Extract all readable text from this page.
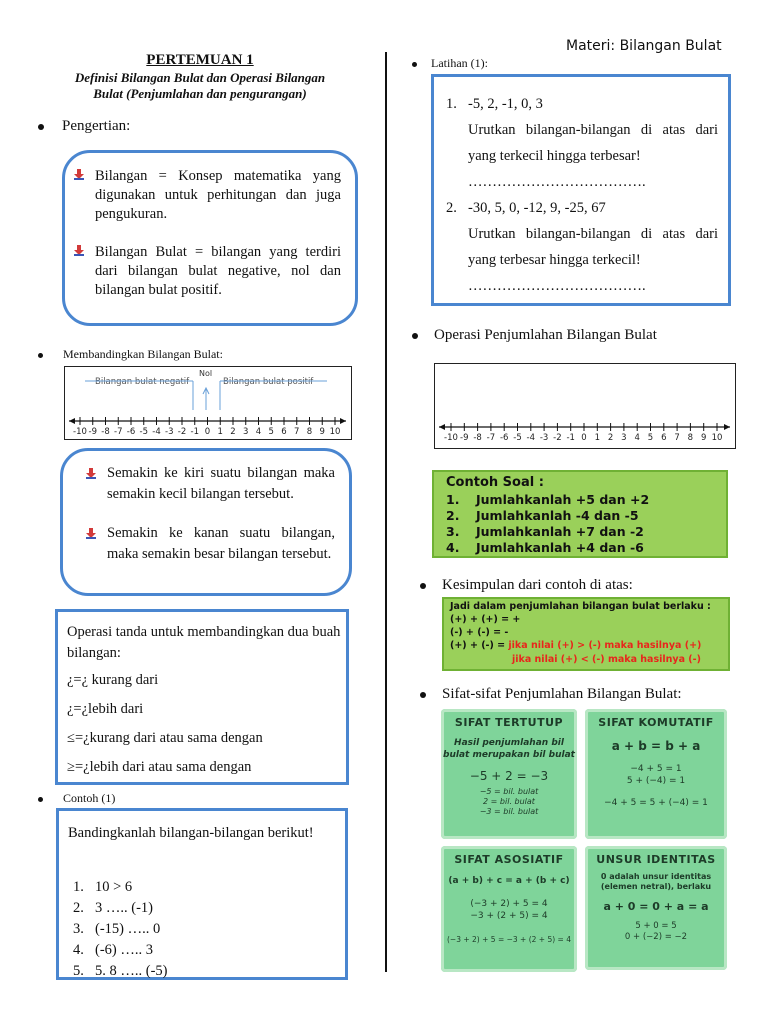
Materi: Bilangan Bulat
PERTEMUAN 1
Definisi Bilangan Bulat dan Operasi Bilangan
Bulat (Penjumlahan dan pengurangan)
Pengertian:
Bilangan = Konsep matematika yang digunakan untuk perhitungan dan juga pengukuran.
Bilangan Bulat = bilangan yang terdiri dari bilangan bulat negative, nol dan bilangan bulat positif.
Membandingkan Bilangan Bulat:
Nol
Bilangan bulat negatif	Bilangan bulat positif
-10 -9 -8 -7 -6 -5 -4 -3 -2 -1 0 1 2 3 4 5 6 7 8 9 10
Semakin ke kiri suatu bilangan maka semakin kecil bilangan tersebut.
Semakin ke kanan suatu bilangan, maka semakin besar bilangan tersebut.
Operasi tanda untuk membandingkan dua buah bilangan:
¿=¿ kurang dari
¿=¿lebih dari
≤=¿kurang dari atau sama dengan
≥=¿lebih dari atau sama dengan
Contoh (1)
Bandingkanlah bilangan-bilangan berikut!
1. 10 > 6
2. 3 ….. (-1)
3. (-15) ….. 0
4. (-6) ….. 3
5. 5. 8 ….. (-5)
Latihan (1):
1. -5, 2, -1, 0, 3
Urutkan bilangan-bilangan di atas dari yang terkecil hingga terbesar!
……………………………….
2. -30, 5, 0, -12, 9, -25, 67
Urutkan bilangan-bilangan di atas dari yang terbesar hingga terkecil!
……………………………….
Operasi Penjumlahan Bilangan Bulat
-10 -9 -8 -7 -6 -5 -4 -3 -2 -1 0 1 2 3 4 5 6 7 8 9 10
Contoh Soal :
1. Jumlahkanlah +5 dan +2
2. Jumlahkanlah -4 dan -5
3. Jumlahkanlah +7 dan -2
4. Jumlahkanlah +4 dan -6
Kesimpulan dari contoh di atas:
Jadi dalam penjumlahan bilangan bulat berlaku :
(+) + (+) = +
(-) + (-) = -
(+) + (-) = jika nilai (+) > (-) maka hasilnya (+)
jika nilai (+) < (-) maka hasilnya (-)
Sifat-sifat Penjumlahan Bilangan Bulat:
SIFAT TERTUTUP
Hasil penjumlahan bil
bulat merupakan bil bulat
−5 + 2 = −3
−5 = bil. bulat
2 = bil. bulat
−3 = bil. bulat
SIFAT KOMUTATIF
a + b = b + a
−4 + 5 = 1
5 + (−4) = 1
−4 + 5 = 5 + (−4) = 1
SIFAT ASOSIATIF
(a + b) + c = a + (b + c)
(−3 + 2) + 5 = 4
−3 + (2 + 5) = 4
(−3 + 2) + 5 = −3 + (2 + 5) = 4
UNSUR IDENTITAS
0 adalah unsur identitas
(elemen netral), berlaku
a + 0 = 0 + a = a
5 + 0 = 5
0 + (−2) = −2
